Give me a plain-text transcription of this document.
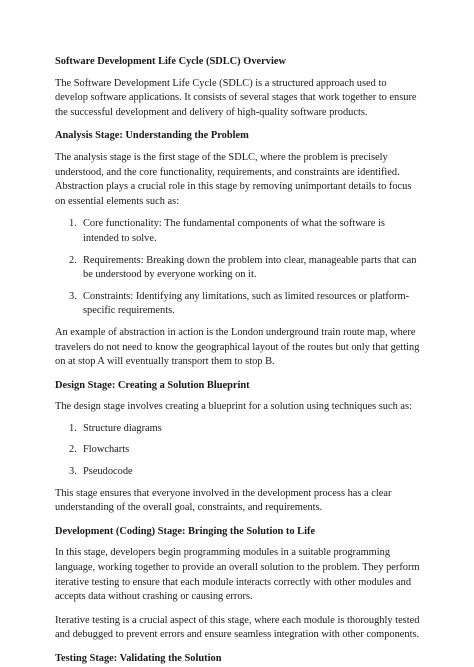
Software Development Life Cycle (SDLC) Overview

The Software Development Life Cycle (SDLC) is a structured approach used to develop software applications. It consists of several stages that work together to ensure the successful development and delivery of high-quality software products.

Analysis Stage: Understanding the Problem

The analysis stage is the first stage of the SDLC, where the problem is precisely understood, and the core functionality, requirements, and constraints are identified. Abstraction plays a crucial role in this stage by removing unimportant details to focus on essential elements such as:

1. Core functionality: The fundamental components of what the software is intended to solve.
2. Requirements: Breaking down the problem into clear, manageable parts that can be understood by everyone working on it.
3. Constraints: Identifying any limitations, such as limited resources or platform-specific requirements.

An example of abstraction in action is the London underground train route map, where travelers do not need to know the geographical layout of the routes but only that getting on at stop A will eventually transport them to stop B.

Design Stage: Creating a Solution Blueprint

The design stage involves creating a blueprint for a solution using techniques such as:

1. Structure diagrams
2. Flowcharts
3. Pseudocode

This stage ensures that everyone involved in the development process has a clear understanding of the overall goal, constraints, and requirements.

Development (Coding) Stage: Bringing the Solution to Life

In this stage, developers begin programming modules in a suitable programming language, working together to provide an overall solution to the problem. They perform iterative testing to ensure that each module interacts correctly with other modules and accepts data without crashing or causing errors.

Iterative testing is a crucial aspect of this stage, where each module is thoroughly tested and debugged to prevent errors and ensure seamless integration with other components.

Testing Stage: Validating the Solution
